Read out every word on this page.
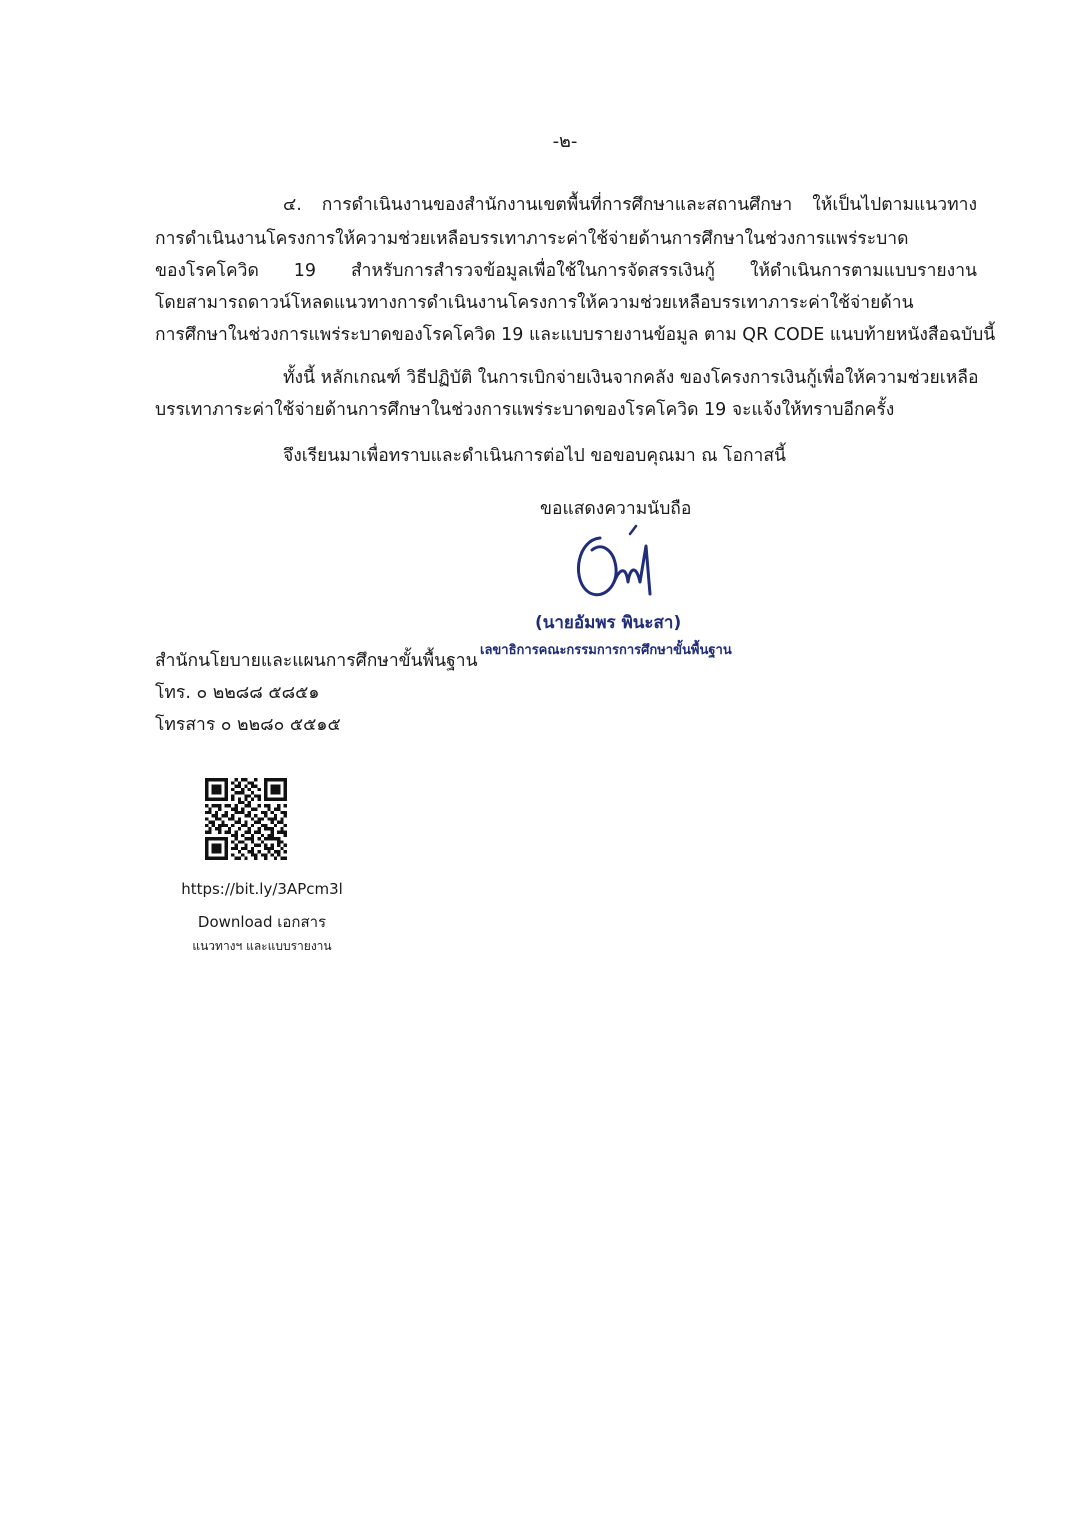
-๒-
๔. การดำเนินงานของสำนักงานเขตพื้นที่การศึกษาและสถานศึกษา ให้เป็นไปตามแนวทาง
การดำเนินงานโครงการให้ความช่วยเหลือบรรเทาภาระค่าใช้จ่ายด้านการศึกษาในช่วงการแพร่ระบาด
ของโรคโควิด 19 สำหรับการสำรวจข้อมูลเพื่อใช้ในการจัดสรรเงินกู้ ให้ดำเนินการตามแบบรายงาน
โดยสามารถดาวน์โหลดแนวทางการดำเนินงานโครงการให้ความช่วยเหลือบรรเทาภาระค่าใช้จ่ายด้าน
การศึกษาในช่วงการแพร่ระบาดของโรคโควิด 19 และแบบรายงานข้อมูล ตาม QR CODE แนบท้ายหนังสือฉบับนี้
ทั้งนี้ หลักเกณฑ์ วิธีปฏิบัติ ในการเบิกจ่ายเงินจากคลัง ของโครงการเงินกู้เพื่อให้ความช่วยเหลือ
บรรเทาภาระค่าใช้จ่ายด้านการศึกษาในช่วงการแพร่ระบาดของโรคโควิด 19 จะแจ้งให้ทราบอีกครั้ง
จึงเรียนมาเพื่อทราบและดำเนินการต่อไป ขอขอบคุณมา ณ โอกาสนี้
ขอแสดงความนับถือ
(นายอัมพร พินะสา)
เลขาธิการคณะกรรมการการศึกษาขั้นพื้นฐาน
สำนักนโยบายและแผนการศึกษาขั้นพื้นฐาน
โทร. ๐ ๒๒๘๘ ๕๘๕๑
โทรสาร ๐ ๒๒๘๐ ๕๕๑๕
https://bit.ly/3APcm3l
Download เอกสาร
แนวทางฯ และแบบรายงาน
